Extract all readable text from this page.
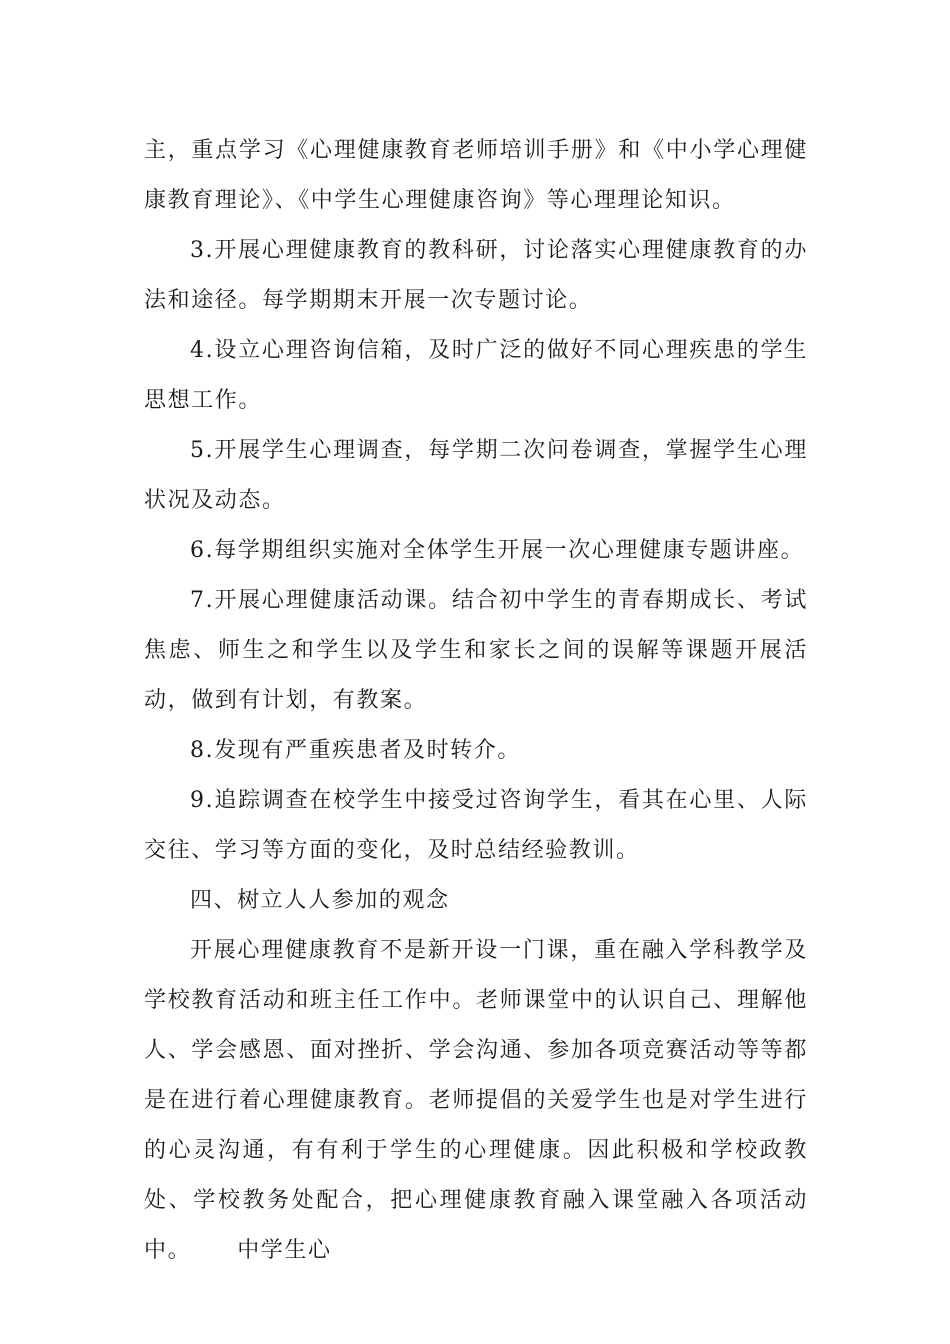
主，重点学习《心理健康教育老师培训手册》和《中小学心理健康教育理论》、《中学生心理健康咨询》等心理理论知识。

3.开展心理健康教育的教科研，讨论落实心理健康教育的办法和途径。每学期期末开展一次专题讨论。

4.设立心理咨询信箱，及时广泛的做好不同心理疾患的学生思想工作。

5.开展学生心理调查，每学期二次问卷调查，掌握学生心理状况及动态。

6.每学期组织实施对全体学生开展一次心理健康专题讲座。

7.开展心理健康活动课。结合初中学生的青春期成长、考试焦虑、师生之和学生以及学生和家长之间的误解等课题开展活动，做到有计划，有教案。

8.发现有严重疾患者及时转介。

9.追踪调查在校学生中接受过咨询学生，看其在心里、人际交往、学习等方面的变化，及时总结经验教训。

四、树立人人参加的观念

开展心理健康教育不是新开设一门课，重在融入学科教学及学校教育活动和班主任工作中。老师课堂中的认识自己、理解他人、学会感恩、面对挫折、学会沟通、参加各项竞赛活动等等都是在进行着心理健康教育。老师提倡的关爱学生也是对学生进行的心灵沟通，有有利于学生的心理健康。因此积极和学校政教处、学校教务处配合，把心理健康教育融入课堂融入各项活动中。 中学生心
